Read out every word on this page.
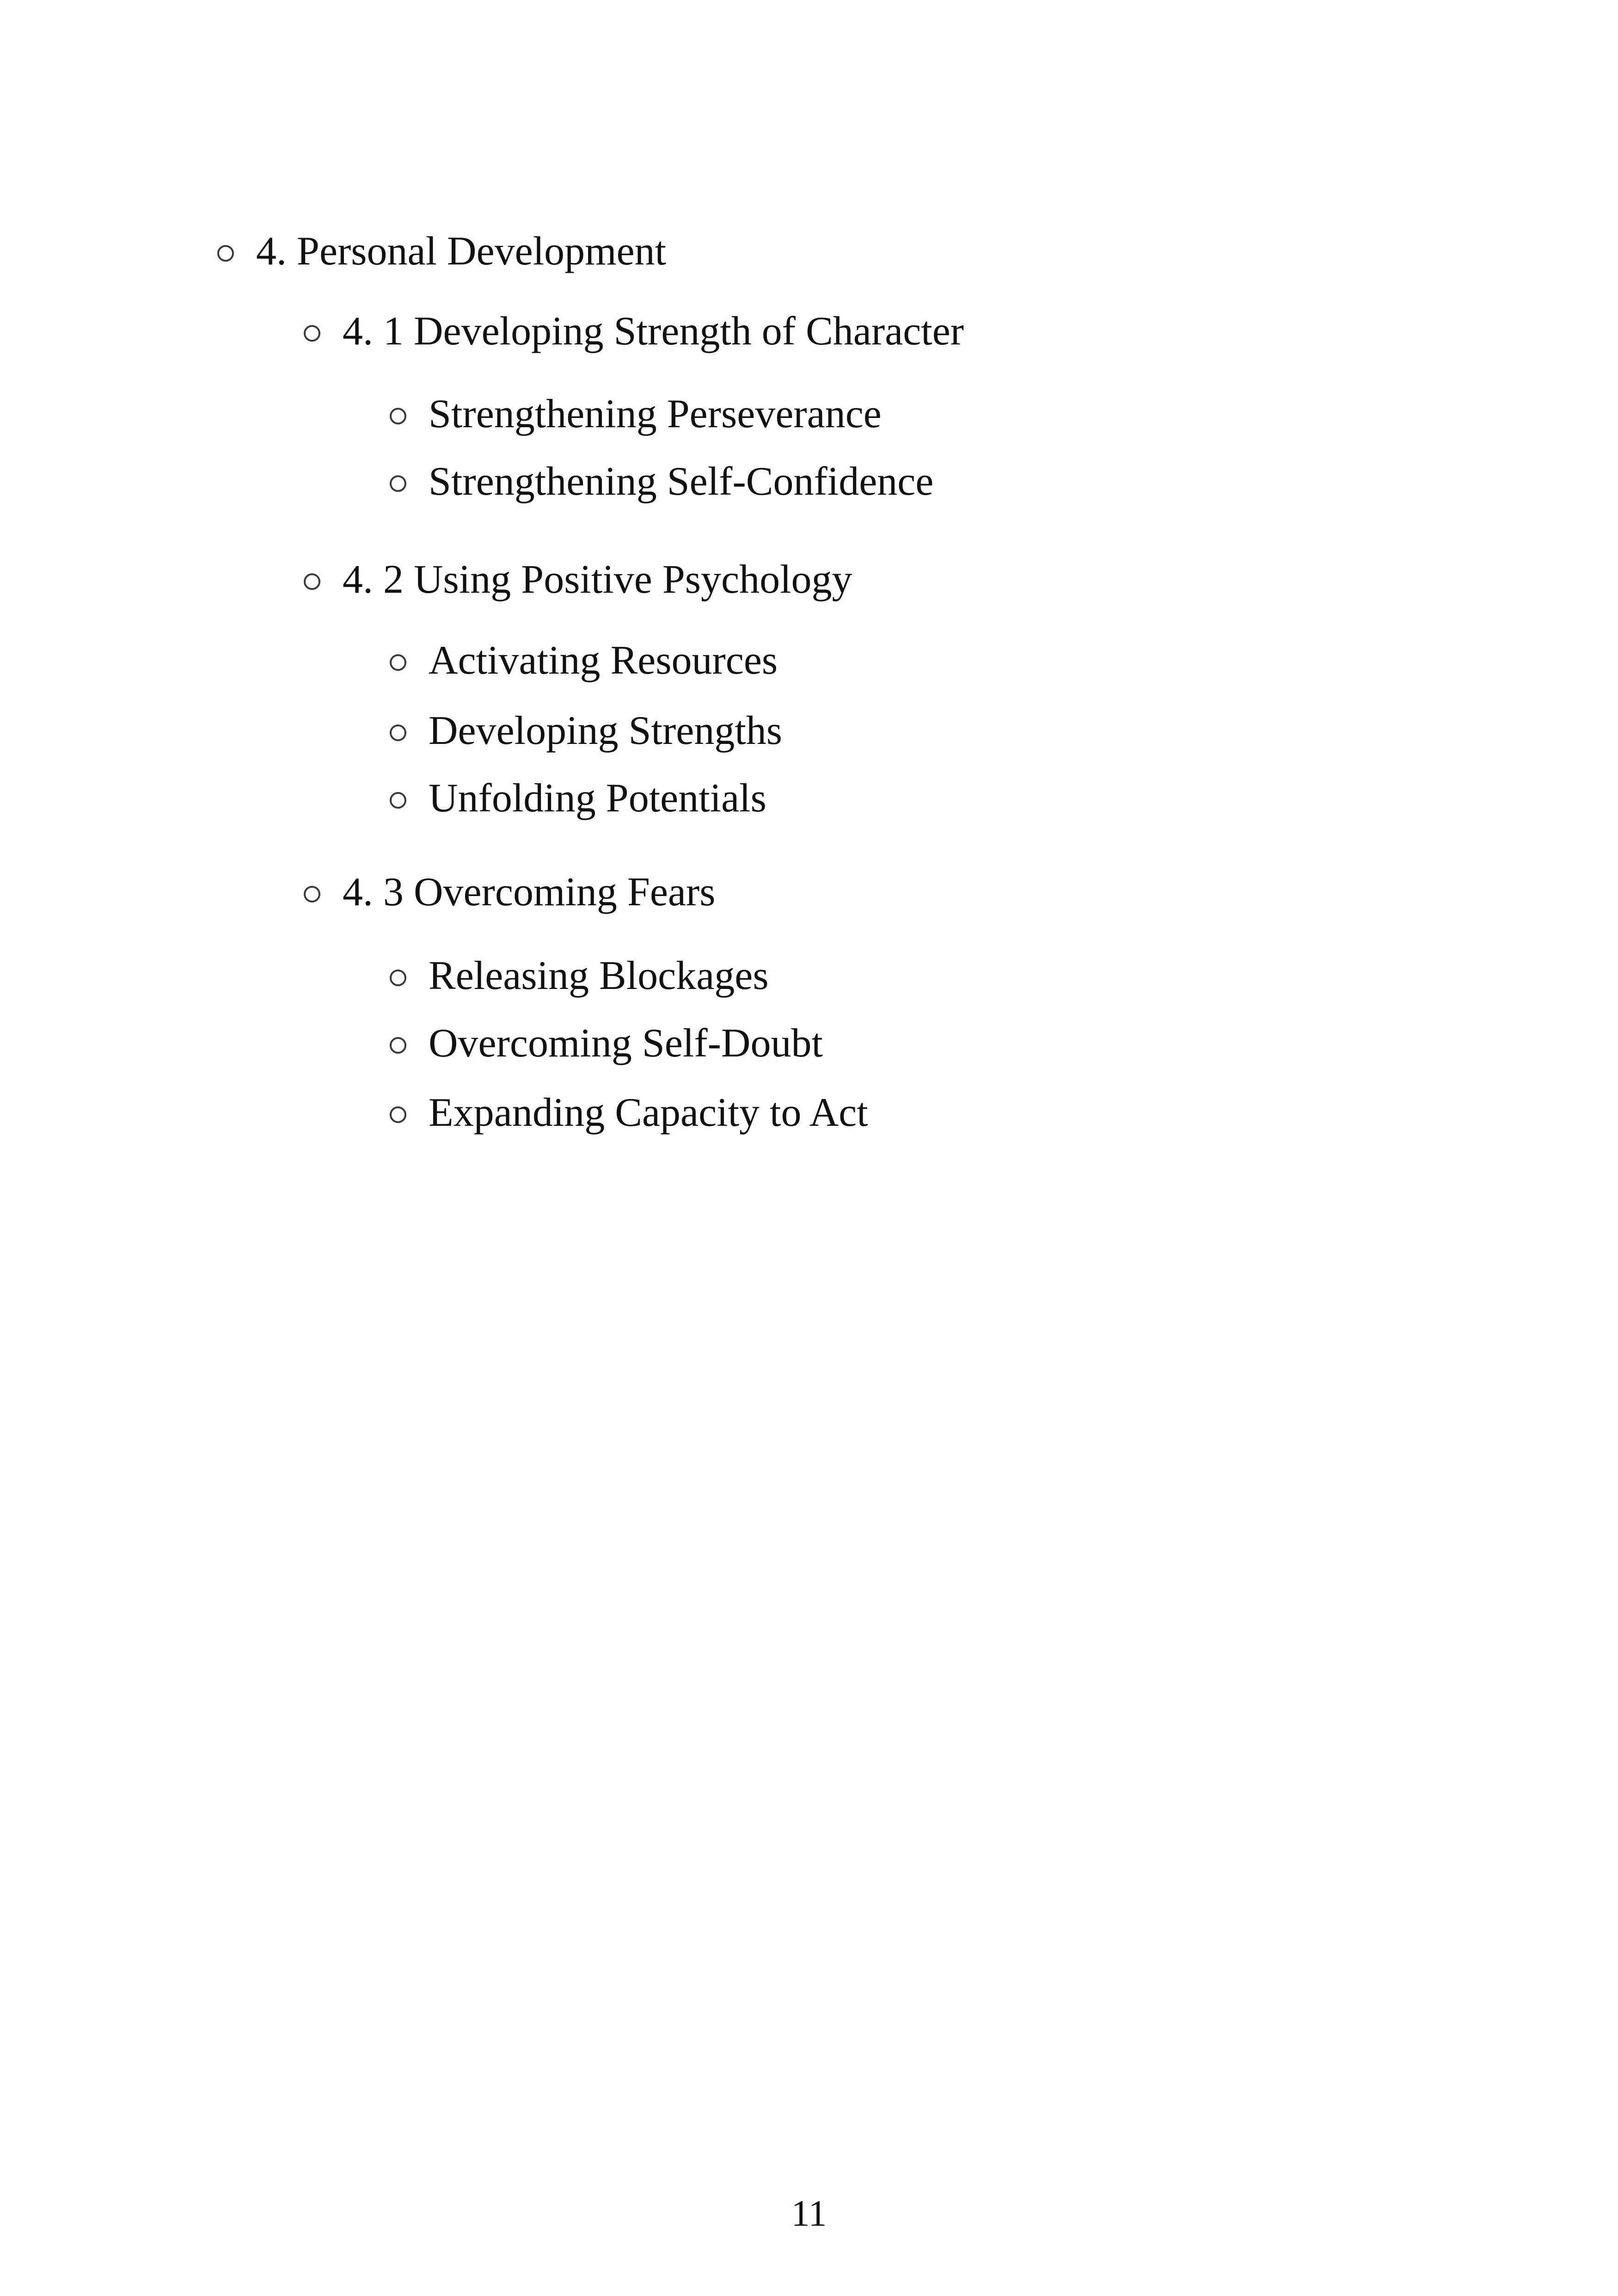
4. Personal Development
4. 1 Developing Strength of Character
Strengthening Perseverance
Strengthening Self-Confidence
4. 2 Using Positive Psychology
Activating Resources
Developing Strengths
Unfolding Potentials
4. 3 Overcoming Fears
Releasing Blockages
Overcoming Self-Doubt
Expanding Capacity to Act
11
